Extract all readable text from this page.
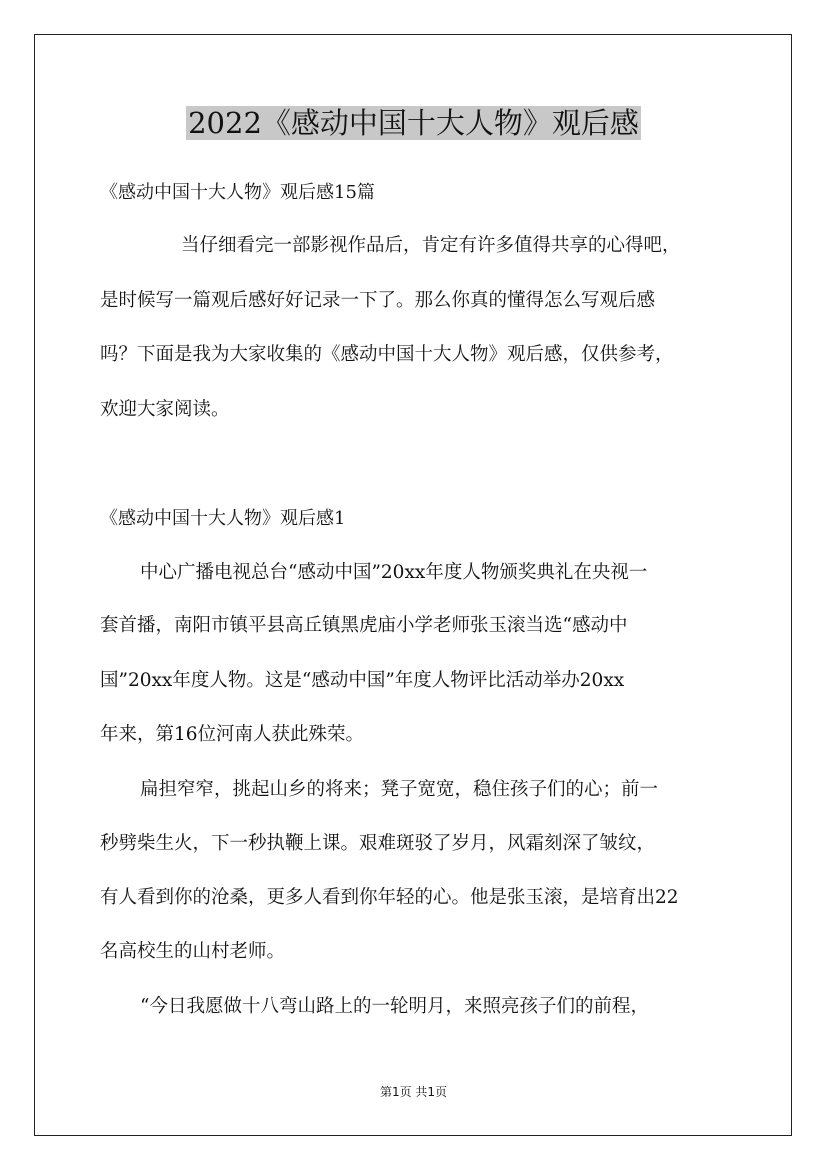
2022《感动中国十大人物》观后感

《感动中国十大人物》观后感15篇

当仔细看完一部影视作品后，肯定有许多值得共享的心得吧，

是时候写一篇观后感好好记录一下了。那么你真的懂得怎么写观后感

吗？下面是我为大家收集的《感动中国十大人物》观后感，仅供参考，

欢迎大家阅读。

《感动中国十大人物》观后感1

中心广播电视总台“感动中国”20xx年度人物颁奖典礼在央视一

套首播，南阳市镇平县高丘镇黑虎庙小学老师张玉滚当选“感动中

国”20xx年度人物。这是“感动中国”年度人物评比活动举办20xx

年来，第16位河南人获此殊荣。

扁担窄窄，挑起山乡的将来；凳子宽宽，稳住孩子们的心；前一

秒劈柴生火，下一秒执鞭上课。艰难斑驳了岁月，风霜刻深了皱纹，

有人看到你的沧桑，更多人看到你年轻的心。他是张玉滚，是培育出22

名高校生的山村老师。

“今日我愿做十八弯山路上的一轮明月，来照亮孩子们的前程，

第1页 共1页
